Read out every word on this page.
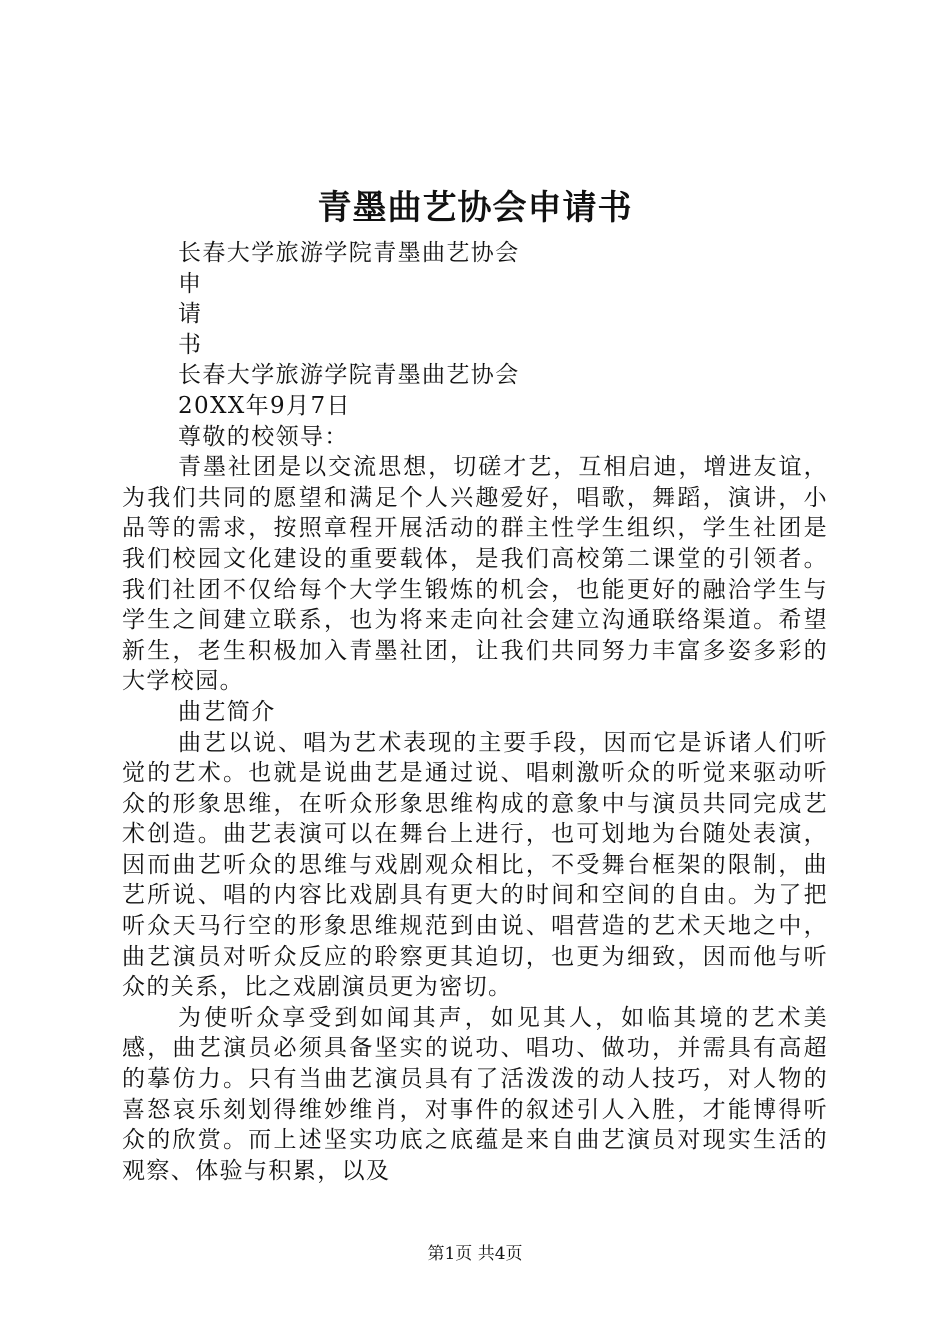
青墨曲艺协会申请书

长春大学旅游学院青墨曲艺协会

申

请

书

长春大学旅游学院青墨曲艺协会

20XX年9月7日

尊敬的校领导：

青墨社团是以交流思想，切磋才艺，互相启迪，增进友谊，为我们共同的愿望和满足个人兴趣爱好，唱歌，舞蹈，演讲，小品等的需求，按照章程开展活动的群主性学生组织，学生社团是我们校园文化建设的重要载体，是我们高校第二课堂的引领者。我们社团不仅给每个大学生锻炼的机会，也能更好的融洽学生与学生之间建立联系，也为将来走向社会建立沟通联络渠道。希望新生，老生积极加入青墨社团，让我们共同努力丰富多姿多彩的大学校园。

曲艺简介

曲艺以说、唱为艺术表现的主要手段，因而它是诉诸人们听觉的艺术。也就是说曲艺是通过说、唱刺激听众的听觉来驱动听众的形象思维，在听众形象思维构成的意象中与演员共同完成艺术创造。曲艺表演可以在舞台上进行，也可划地为台随处表演，因而曲艺听众的思维与戏剧观众相比，不受舞台框架的限制，曲艺所说、唱的内容比戏剧具有更大的时间和空间的自由。为了把听众天马行空的形象思维规范到由说、唱营造的艺术天地之中，曲艺演员对听众反应的聆察更其迫切，也更为细致，因而他与听众的关系，比之戏剧演员更为密切。

为使听众享受到如闻其声，如见其人，如临其境的艺术美感，曲艺演员必须具备坚实的说功、唱功、做功，并需具有高超的摹仿力。只有当曲艺演员具有了活泼泼的动人技巧，对人物的喜怒哀乐刻划得维妙维肖，对事件的叙述引人入胜，才能博得听众的欣赏。而上述坚实功底之底蕴是来自曲艺演员对现实生活的观察、体验与积累，以及

第1页 共4页
